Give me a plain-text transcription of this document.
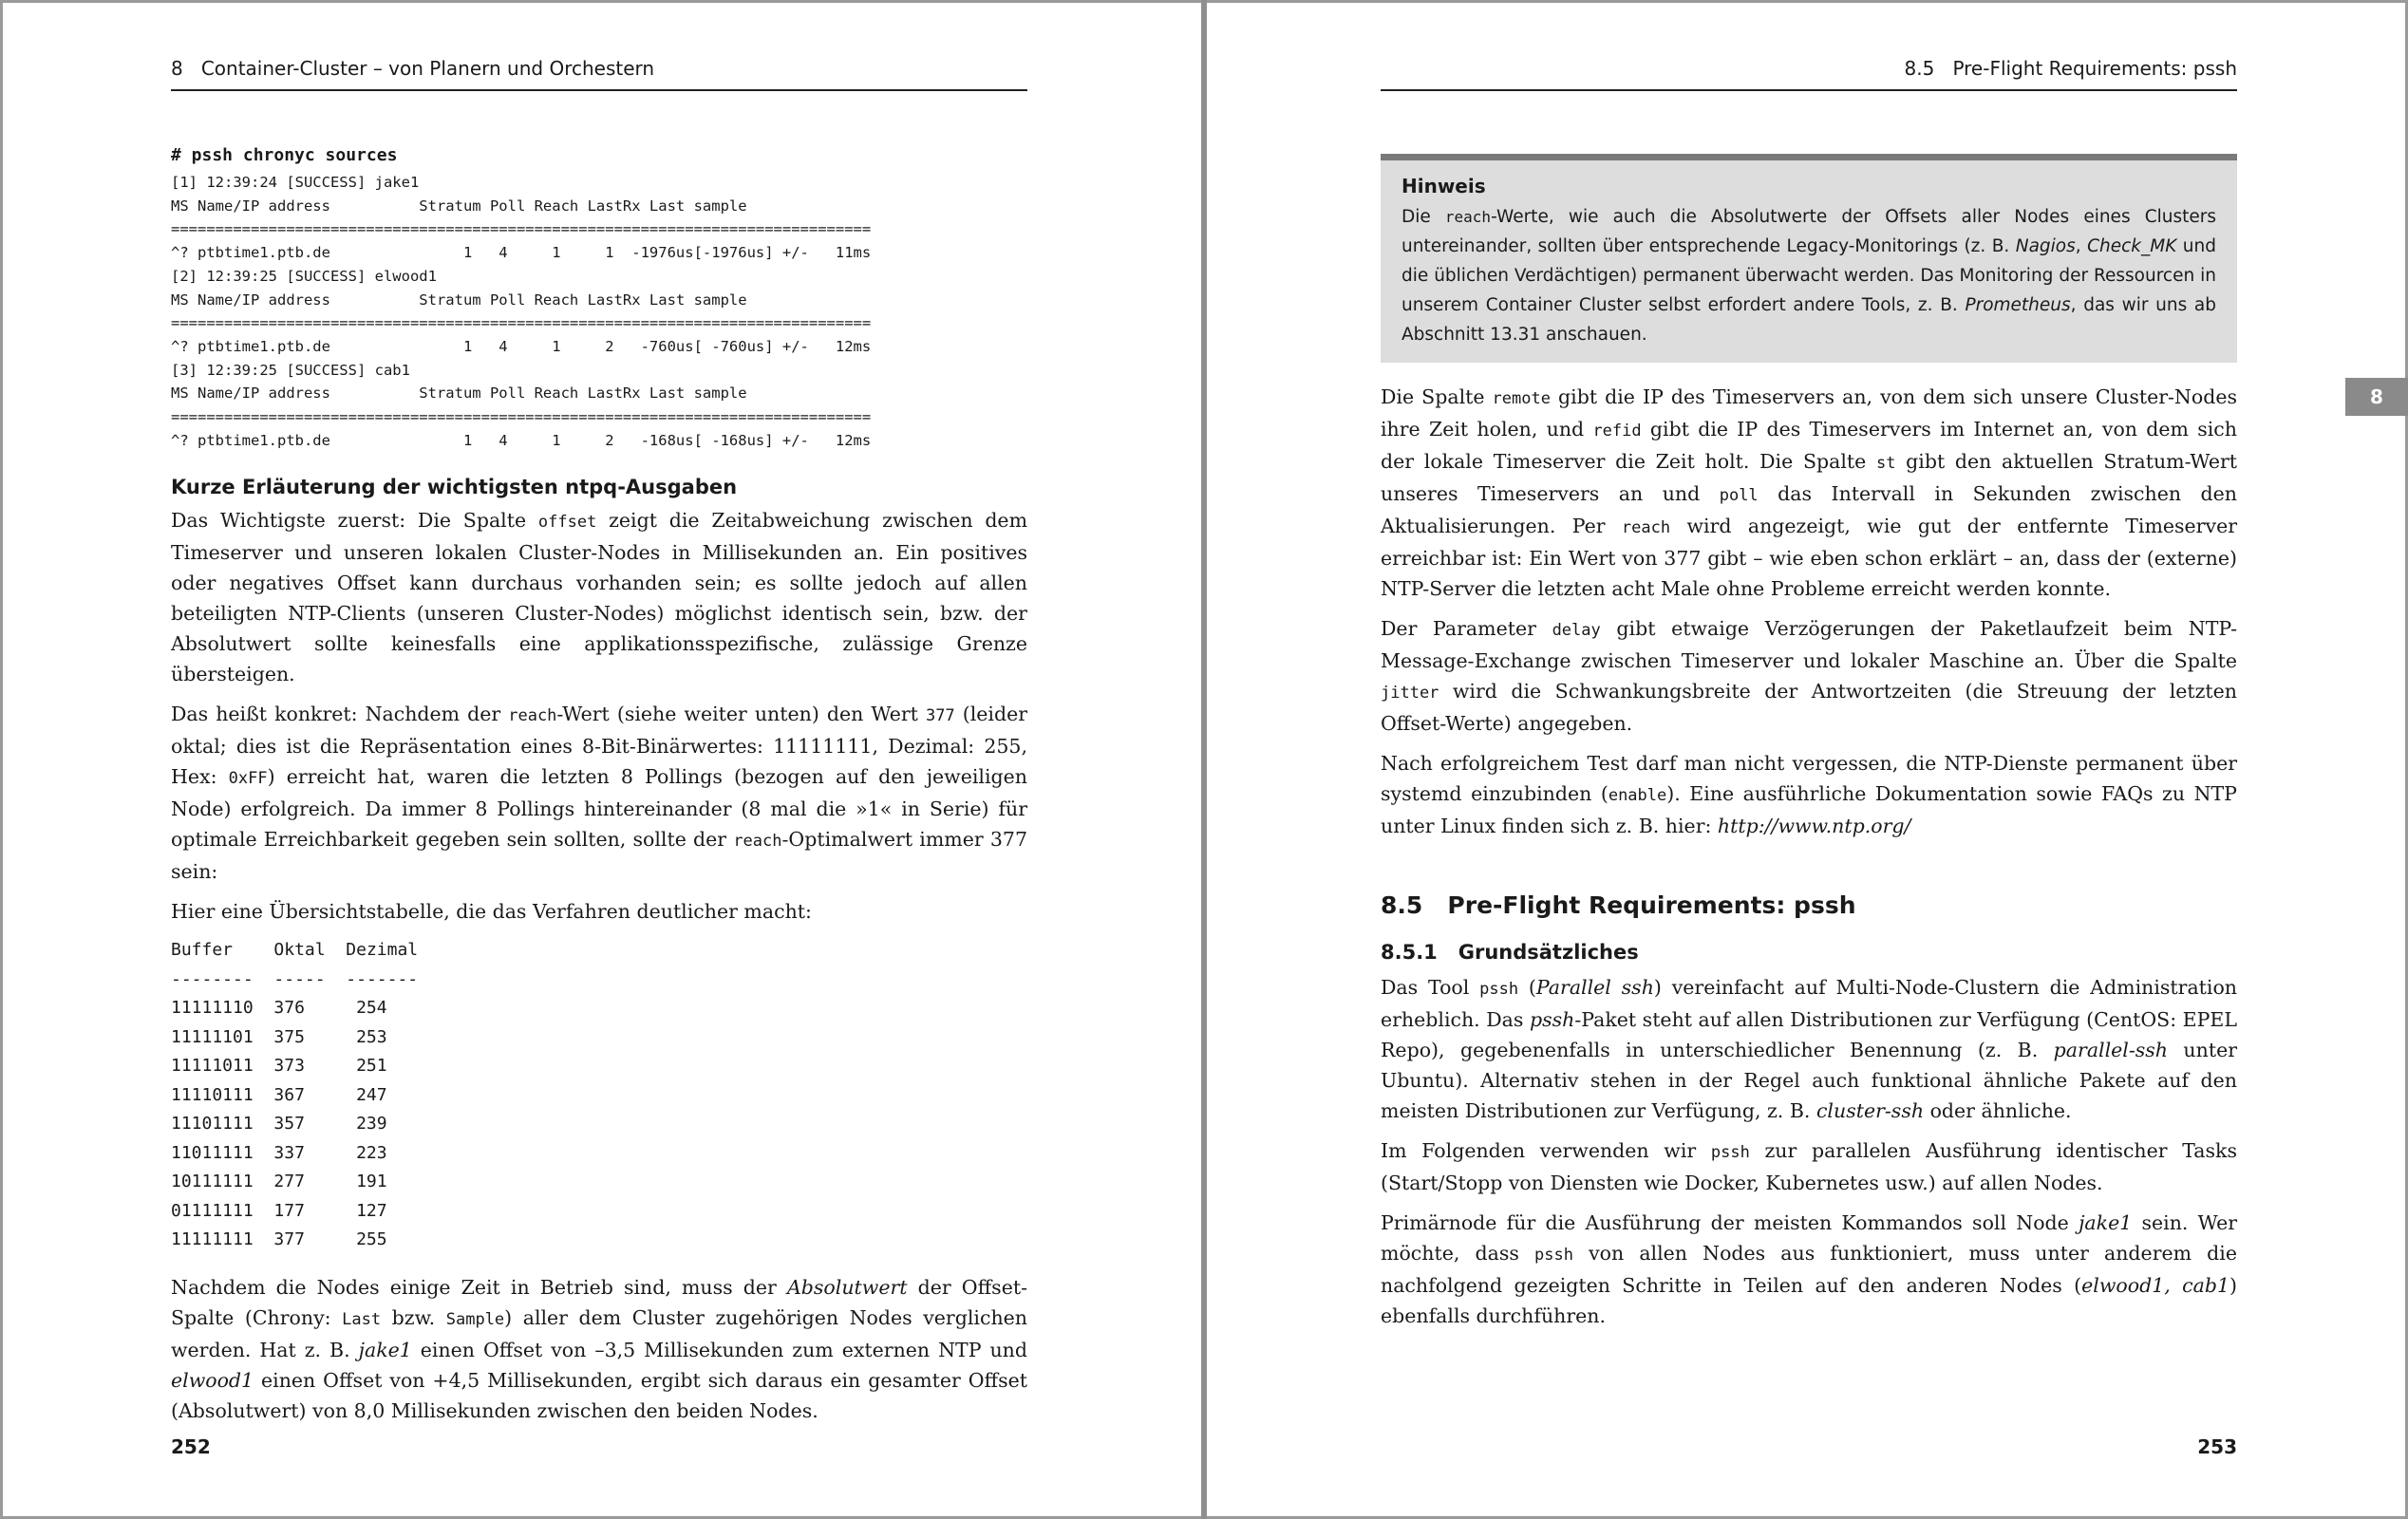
8 Container-Cluster – von Planern und Orchestern
# pssh chronyc sources
[1] 12:39:24 [SUCCESS] jake1
MS Name/IP address          Stratum Poll Reach LastRx Last sample
===============================================================================
^? ptbtime1.ptb.de               1   4     1     1  -1976us[-1976us] +/-   11ms
[2] 12:39:25 [SUCCESS] elwood1
MS Name/IP address          Stratum Poll Reach LastRx Last sample
===============================================================================
^? ptbtime1.ptb.de               1   4     1     2   -760us[ -760us] +/-   12ms
[3] 12:39:25 [SUCCESS] cab1
MS Name/IP address          Stratum Poll Reach LastRx Last sample
===============================================================================
^? ptbtime1.ptb.de               1   4     1     2   -168us[ -168us] +/-   12ms
Kurze Erläuterung der wichtigsten ntpq-Ausgaben

Das Wichtigste zuerst: Die Spalte offset zeigt die Zeitabweichung zwischen dem Timeserver und unseren lokalen Cluster-Nodes in Millisekunden an. Ein positives oder negatives Offset kann durchaus vorhanden sein; es sollte jedoch auf allen beteiligten NTP-Clients (unseren Cluster-Nodes) möglichst identisch sein, bzw. der Absolutwert sollte keinesfalls eine applikationsspezifische, zulässige Grenze übersteigen.

Das heißt konkret: Nachdem der reach-Wert (siehe weiter unten) den Wert 377 (leider oktal; dies ist die Repräsentation eines 8-Bit-Binärwertes: 11111111, Dezimal: 255, Hex: 0xFF) erreicht hat, waren die letzten 8 Pollings (bezogen auf den jeweiligen Node) erfolgreich. Da immer 8 Pollings hintereinander (8 mal die »1« in Serie) für optimale Erreichbarkeit gegeben sein sollten, sollte der reach-Optimalwert immer 377 sein:

Hier eine Übersichtstabelle, die das Verfahren deutlicher macht:

Buffer Oktal Dezimal
-------- ----- -------
11111110 376	254
11111101 375	253
11111011 373	251
11110111 367	247
11101111 357	239
11011111 337	223
10111111 277	191
01111111 177	127
11111111 377	255

Nachdem die Nodes einige Zeit in Betrieb sind, muss der Absolutwert der Offset-Spalte (Chrony: Last bzw. Sample) aller dem Cluster zugehörigen Nodes verglichen werden. Hat z. B. jake1 einen Offset von –3,5 Millisekunden zum externen NTP und elwood1 einen Offset von +4,5 Millisekunden, ergibt sich daraus ein gesamter Offset (Absolutwert) von 8,0 Millisekunden zwischen den beiden Nodes.

252
8.5 Pre-Flight Requirements: pssh
Hinweis
Die reach-Werte, wie auch die Absolutwerte der Offsets aller Nodes eines Clusters untereinander, sollten über entsprechende Legacy-Monitorings (z. B. Nagios, Check_MK und die üblichen Verdächtigen) permanent überwacht werden. Das Monitoring der Ressourcen in unserem Container Cluster selbst erfordert andere Tools, z. B. Prometheus, das wir uns ab Abschnitt 13.31 anschauen.

Die Spalte remote gibt die IP des Timeservers an, von dem sich unsere Cluster-Nodes ihre Zeit holen, und refid gibt die IP des Timeservers im Internet an, von dem sich der lokale Timeserver die Zeit holt. Die Spalte st gibt den aktuellen Stratum-Wert unseres Timeservers an und poll das Intervall in Sekunden zwischen den Aktualisierungen. Per reach wird angezeigt, wie gut der entfernte Timeserver erreichbar ist: Ein Wert von 377 gibt – wie eben schon erklärt – an, dass der (externe) NTP-Server die letzten acht Male ohne Probleme erreicht werden konnte.

Der Parameter delay gibt etwaige Verzögerungen der Paketlaufzeit beim NTP-Message-Exchange zwischen Timeserver und lokaler Maschine an. Über die Spalte jitter wird die Schwankungsbreite der Antwortzeiten (die Streuung der letzten Offset-Werte) angegeben.

Nach erfolgreichem Test darf man nicht vergessen, die NTP-Dienste permanent über systemd einzubinden (enable). Eine ausführliche Dokumentation sowie FAQs zu NTP unter Linux finden sich z. B. hier: http://www.ntp.org/

8.5 Pre-Flight Requirements: pssh
8.5.1 Grundsätzliches

Das Tool pssh (Parallel ssh) vereinfacht auf Multi-Node-Clustern die Administration erheblich. Das pssh-Paket steht auf allen Distributionen zur Verfügung (CentOS: EPEL Repo), gegebenenfalls in unterschiedlicher Benennung (z. B. parallel-ssh unter Ubuntu). Alternativ stehen in der Regel auch funktional ähnliche Pakete auf den meisten Distributionen zur Verfügung, z. B. cluster-ssh oder ähnliche.

Im Folgenden verwenden wir pssh zur parallelen Ausführung identischer Tasks (Start/Stopp von Diensten wie Docker, Kubernetes usw.) auf allen Nodes.

Primärnode für die Ausführung der meisten Kommandos soll Node jake1 sein. Wer möchte, dass pssh von allen Nodes aus funktioniert, muss unter anderem die nachfolgend gezeigten Schritte in Teilen auf den anderen Nodes (elwood1, cab1) ebenfalls durchführen.

253
8
